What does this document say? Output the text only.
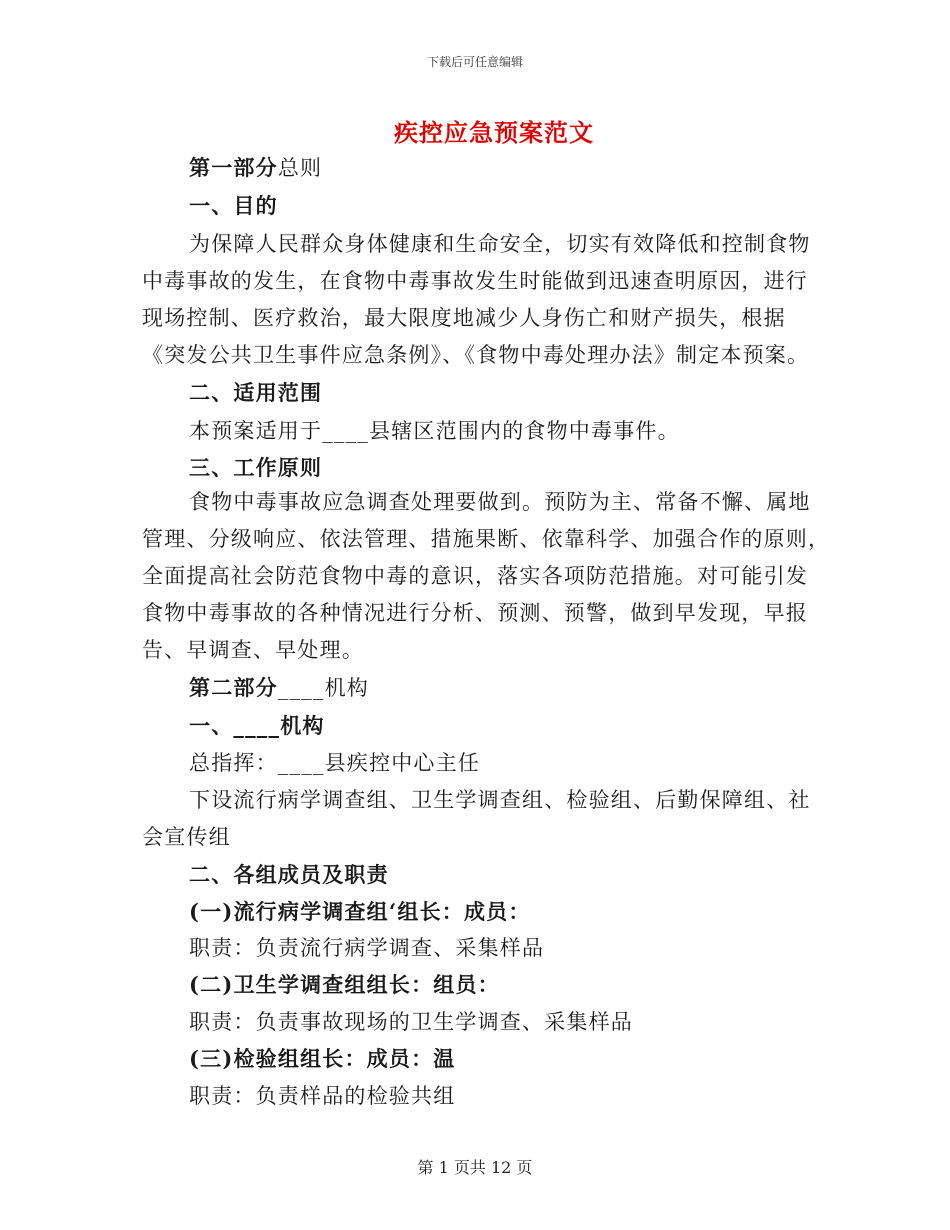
下载后可任意编辑
疾控应急预案范文
第一部分总则
一、目的
为保障人民群众身体健康和生命安全，切实有效降低和控制食物
中毒事故的发生，在食物中毒事故发生时能做到迅速查明原因，进行
现场控制、医疗救治，最大限度地减少人身伤亡和财产损失，根据
《突发公共卫生事件应急条例》、《食物中毒处理办法》制定本预案。
二、适用范围
本预案适用于____县辖区范围内的食物中毒事件。
三、工作原则
食物中毒事故应急调查处理要做到。预防为主、常备不懈、属地
管理、分级响应、依法管理、措施果断、依靠科学、加强合作的原则，
全面提高社会防范食物中毒的意识，落实各项防范措施。对可能引发
食物中毒事故的各种情况进行分析、预测、预警，做到早发现，早报
告、早调查、早处理。
第二部分____机构
一、____机构
总指挥：____县疾控中心主任
下设流行病学调查组、卫生学调查组、检验组、后勤保障组、社
会宣传组
二、各组成员及职责
(一)流行病学调查组‘组长：成员：
职责：负责流行病学调查、采集样品
(二)卫生学调查组组长：组员：
职责：负责事故现场的卫生学调查、采集样品
(三)检验组组长：成员：温
职责：负责样品的检验共组
第 1 页共 12 页
